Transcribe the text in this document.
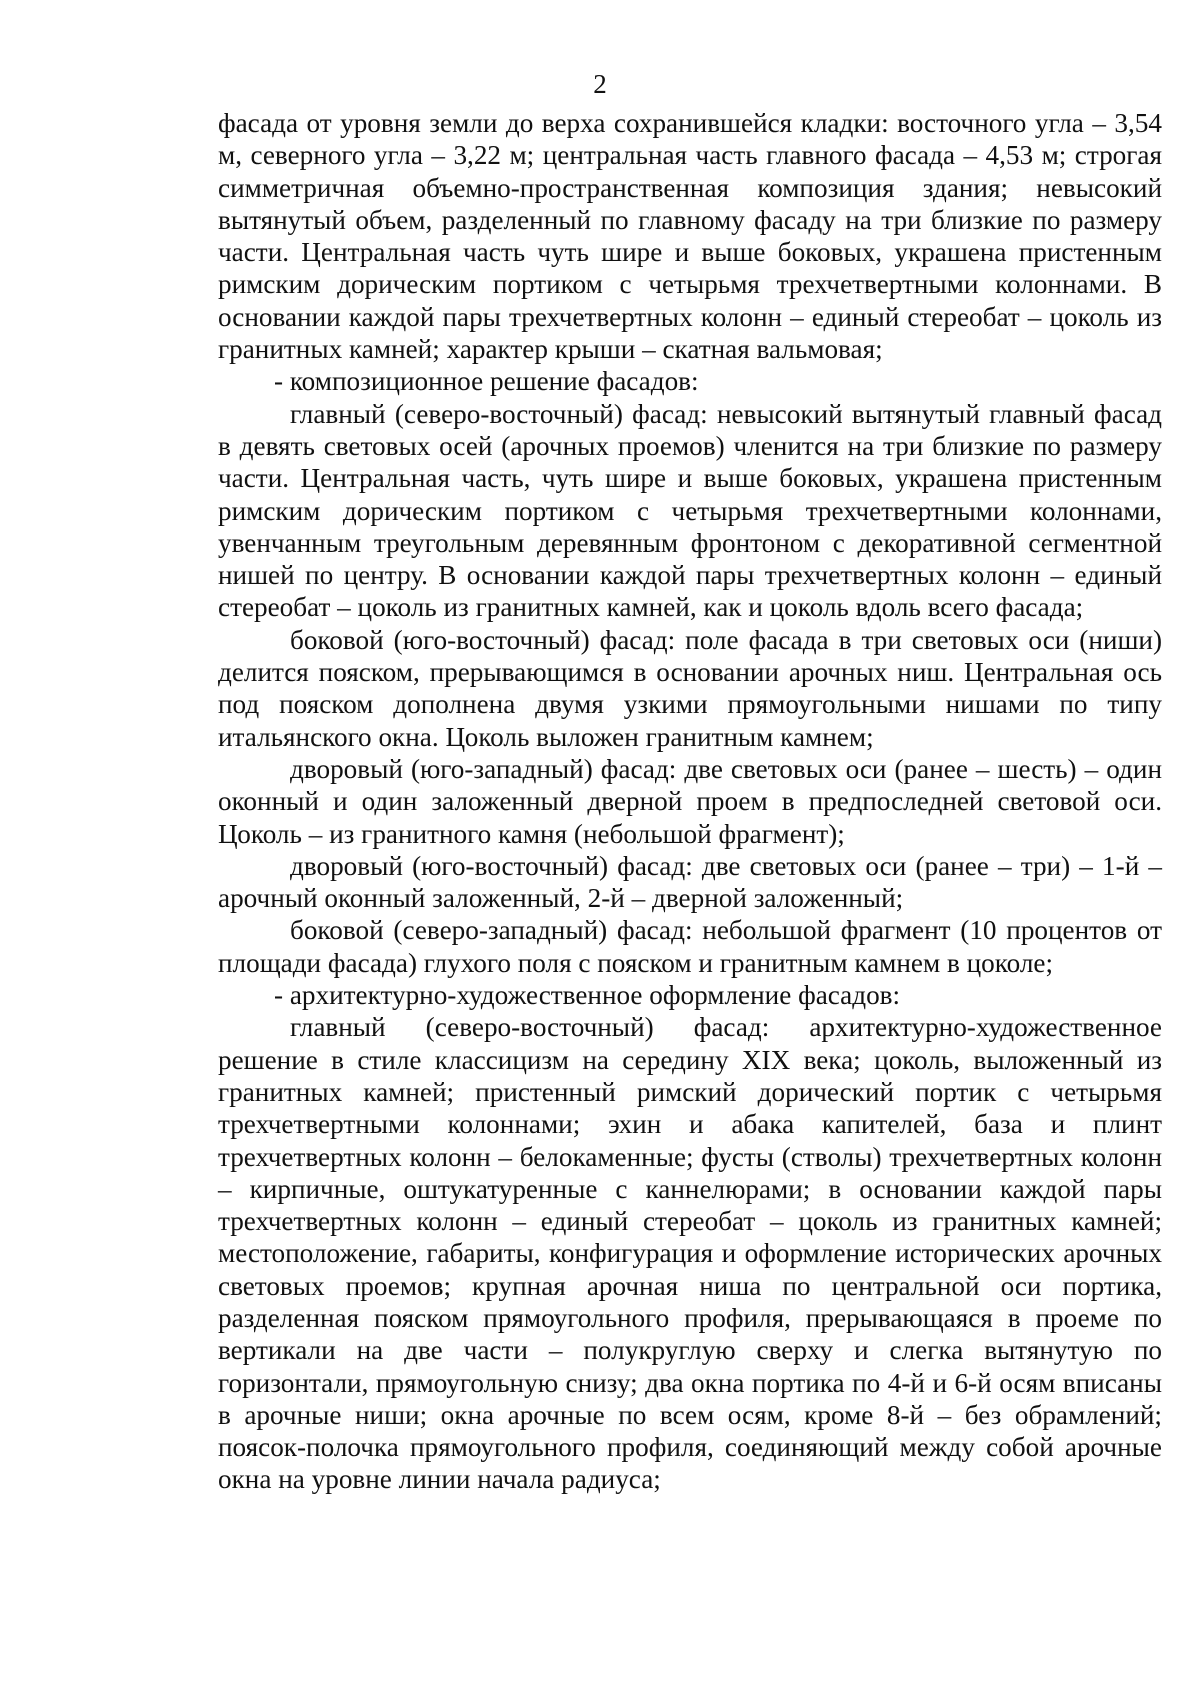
2

фасада от уровня земли до верха сохранившейся кладки: восточного угла – 3,54 м, северного угла – 3,22 м; центральная часть главного фасада – 4,53 м; строгая симметричная объемно-пространственная композиция здания; невысокий вытянутый объем, разделенный по главному фасаду на три близкие по размеру части. Центральная часть чуть шире и выше боковых, украшена пристенным римским дорическим портиком с четырьмя трехчетвертными колоннами. В основании каждой пары трехчетвертных колонн – единый стереобат – цоколь из гранитных камней; характер крыши – скатная вальмовая;

- композиционное решение фасадов:

главный (северо-восточный) фасад: невысокий вытянутый главный фасад в девять световых осей (арочных проемов) членится на три близкие по размеру части. Центральная часть, чуть шире и выше боковых, украшена пристенным римским дорическим портиком с четырьмя трехчетвертными колоннами, увенчанным треугольным деревянным фронтоном с декоративной сегментной нишей по центру. В основании каждой пары трехчетвертных колонн – единый стереобат – цоколь из гранитных камней, как и цоколь вдоль всего фасада;

боковой (юго-восточный) фасад: поле фасада в три световых оси (ниши) делится пояском, прерывающимся в основании арочных ниш. Центральная ось под пояском дополнена двумя узкими прямоугольными нишами по типу итальянского окна. Цоколь выложен гранитным камнем;

дворовый (юго-западный) фасад: две световых оси (ранее – шесть) – один оконный и один заложенный дверной проем в предпоследней световой оси. Цоколь – из гранитного камня (небольшой фрагмент);

дворовый (юго-восточный) фасад: две световых оси (ранее – три) – 1-й – арочный оконный заложенный, 2-й – дверной заложенный;

боковой (северо-западный) фасад: небольшой фрагмент (10 процентов от площади фасада) глухого поля с пояском и гранитным камнем в цоколе;

- архитектурно-художественное оформление фасадов:

главный (северо-восточный) фасад: архитектурно-художественное решение в стиле классицизм на середину XIX века; цоколь, выложенный из гранитных камней; пристенный римский дорический портик с четырьмя трехчетвертными колоннами; эхин и абака капителей, база и плинт трехчетвертных колонн – белокаменные; фусты (стволы) трехчетвертных колонн – кирпичные, оштукатуренные с каннелюрами; в основании каждой пары трехчетвертных колонн – единый стереобат – цоколь из гранитных камней; местоположение, габариты, конфигурация и оформление исторических арочных световых проемов; крупная арочная ниша по центральной оси портика, разделенная пояском прямоугольного профиля, прерывающаяся в проеме по вертикали на две части – полукруглую сверху и слегка вытянутую по горизонтали, прямоугольную снизу; два окна портика по 4-й и 6-й осям вписаны в арочные ниши; окна арочные по всем осям, кроме 8-й – без обрамлений; поясок-полочка прямоугольного профиля, соединяющий между собой арочные окна на уровне линии начала радиуса;
